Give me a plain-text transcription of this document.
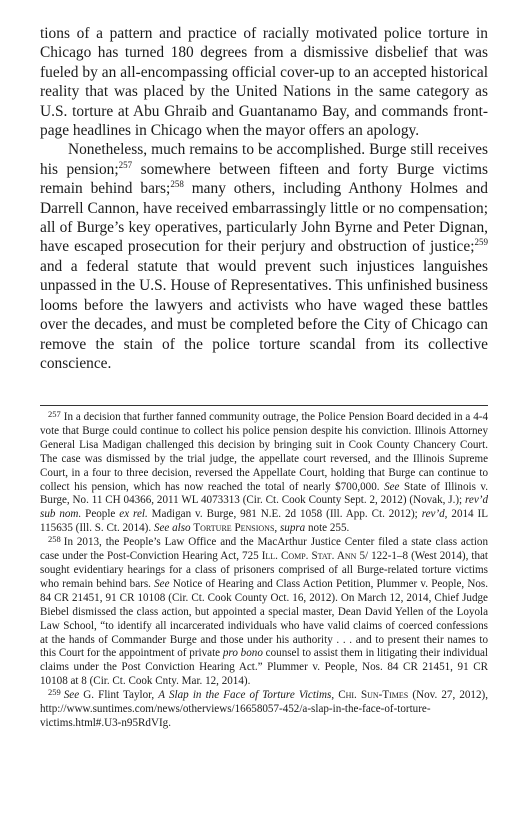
tions of a pattern and practice of racially motivated police torture in Chicago has turned 180 degrees from a dismissive disbelief that was fueled by an all-encompassing official cover-up to an accepted historical reality that was placed by the United Nations in the same category as U.S. torture at Abu Ghraib and Guantanamo Bay, and commands front-page headlines in Chicago when the mayor offers an apology.

Nonetheless, much remains to be accomplished. Burge still receives his pension;$^{257}$ somewhere between fifteen and forty Burge victims remain behind bars;$^{258}$ many others, including Anthony Holmes and Darrell Cannon, have received embarrassingly little or no compensation; all of Burge’s key operatives, particularly John Byrne and Peter Dignan, have escaped prosecution for their perjury and obstruction of justice;$^{259}$ and a federal statute that would prevent such injustices languishes unpassed in the U.S. House of Representatives. This unfinished business looms before the lawyers and activists who have waged these battles over the decades, and must be completed before the City of Chicago can remove the stain of the police torture scandal from its collective conscience.

$^{257}$ In a decision that further fanned community outrage, the Police Pension Board decided in a 4-4 vote that Burge could continue to collect his police pension despite his conviction. Illinois Attorney General Lisa Madigan challenged this decision by bringing suit in Cook County Chancery Court. The case was dismissed by the trial judge, the appellate court reversed, and the Illinois Supreme Court, in a four to three decision, reversed the Appellate Court, holding that Burge can continue to collect his pension, which has now reached the total of nearly $700,000. See State of Illinois v. Burge, No. 11 CH 04366, 2011 WL 4073313 (Cir. Ct. Cook County Sept. 2, 2012) (Novak, J.); rev’d sub nom. People ex rel. Madigan v. Burge, 981 N.E. 2d 1058 (Ill. App. Ct. 2012); rev’d, 2014 IL 115635 (Ill. S. Ct. 2014). See also Torture Pensions, supra note 255.

$^{258}$ In 2013, the People’s Law Office and the MacArthur Justice Center filed a state class action case under the Post-Conviction Hearing Act, 725 Ill. Comp. Stat. Ann 5/ 122-1–8 (West 2014), that sought evidentiary hearings for a class of prisoners comprised of all Burge-related torture victims who remain behind bars. See Notice of Hearing and Class Action Petition, Plummer v. People, Nos. 84 CR 21451, 91 CR 10108 (Cir. Ct. Cook County Oct. 16, 2012). On March 12, 2014, Chief Judge Biebel dismissed the class action, but appointed a special master, Dean David Yellen of the Loyola Law School, “to identify all incarcerated individuals who have valid claims of coerced confessions at the hands of Commander Burge and those under his authority . . . and to present their names to this Court for the appointment of private pro bono counsel to assist them in litigating their individual claims under the Post Conviction Hearing Act.” Plummer v. People, Nos. 84 CR 21451, 91 CR 10108 at 8 (Cir. Ct. Cook Cnty. Mar. 12, 2014).

$^{259}$ See G. Flint Taylor, A Slap in the Face of Torture Victims, Chi. Sun-Times (Nov. 27, 2012), http://www.suntimes.com/news/otherviews/16658057-452/a-slap-in-the-face-of-torture-victims.html#.U3-n95RdVIg.
